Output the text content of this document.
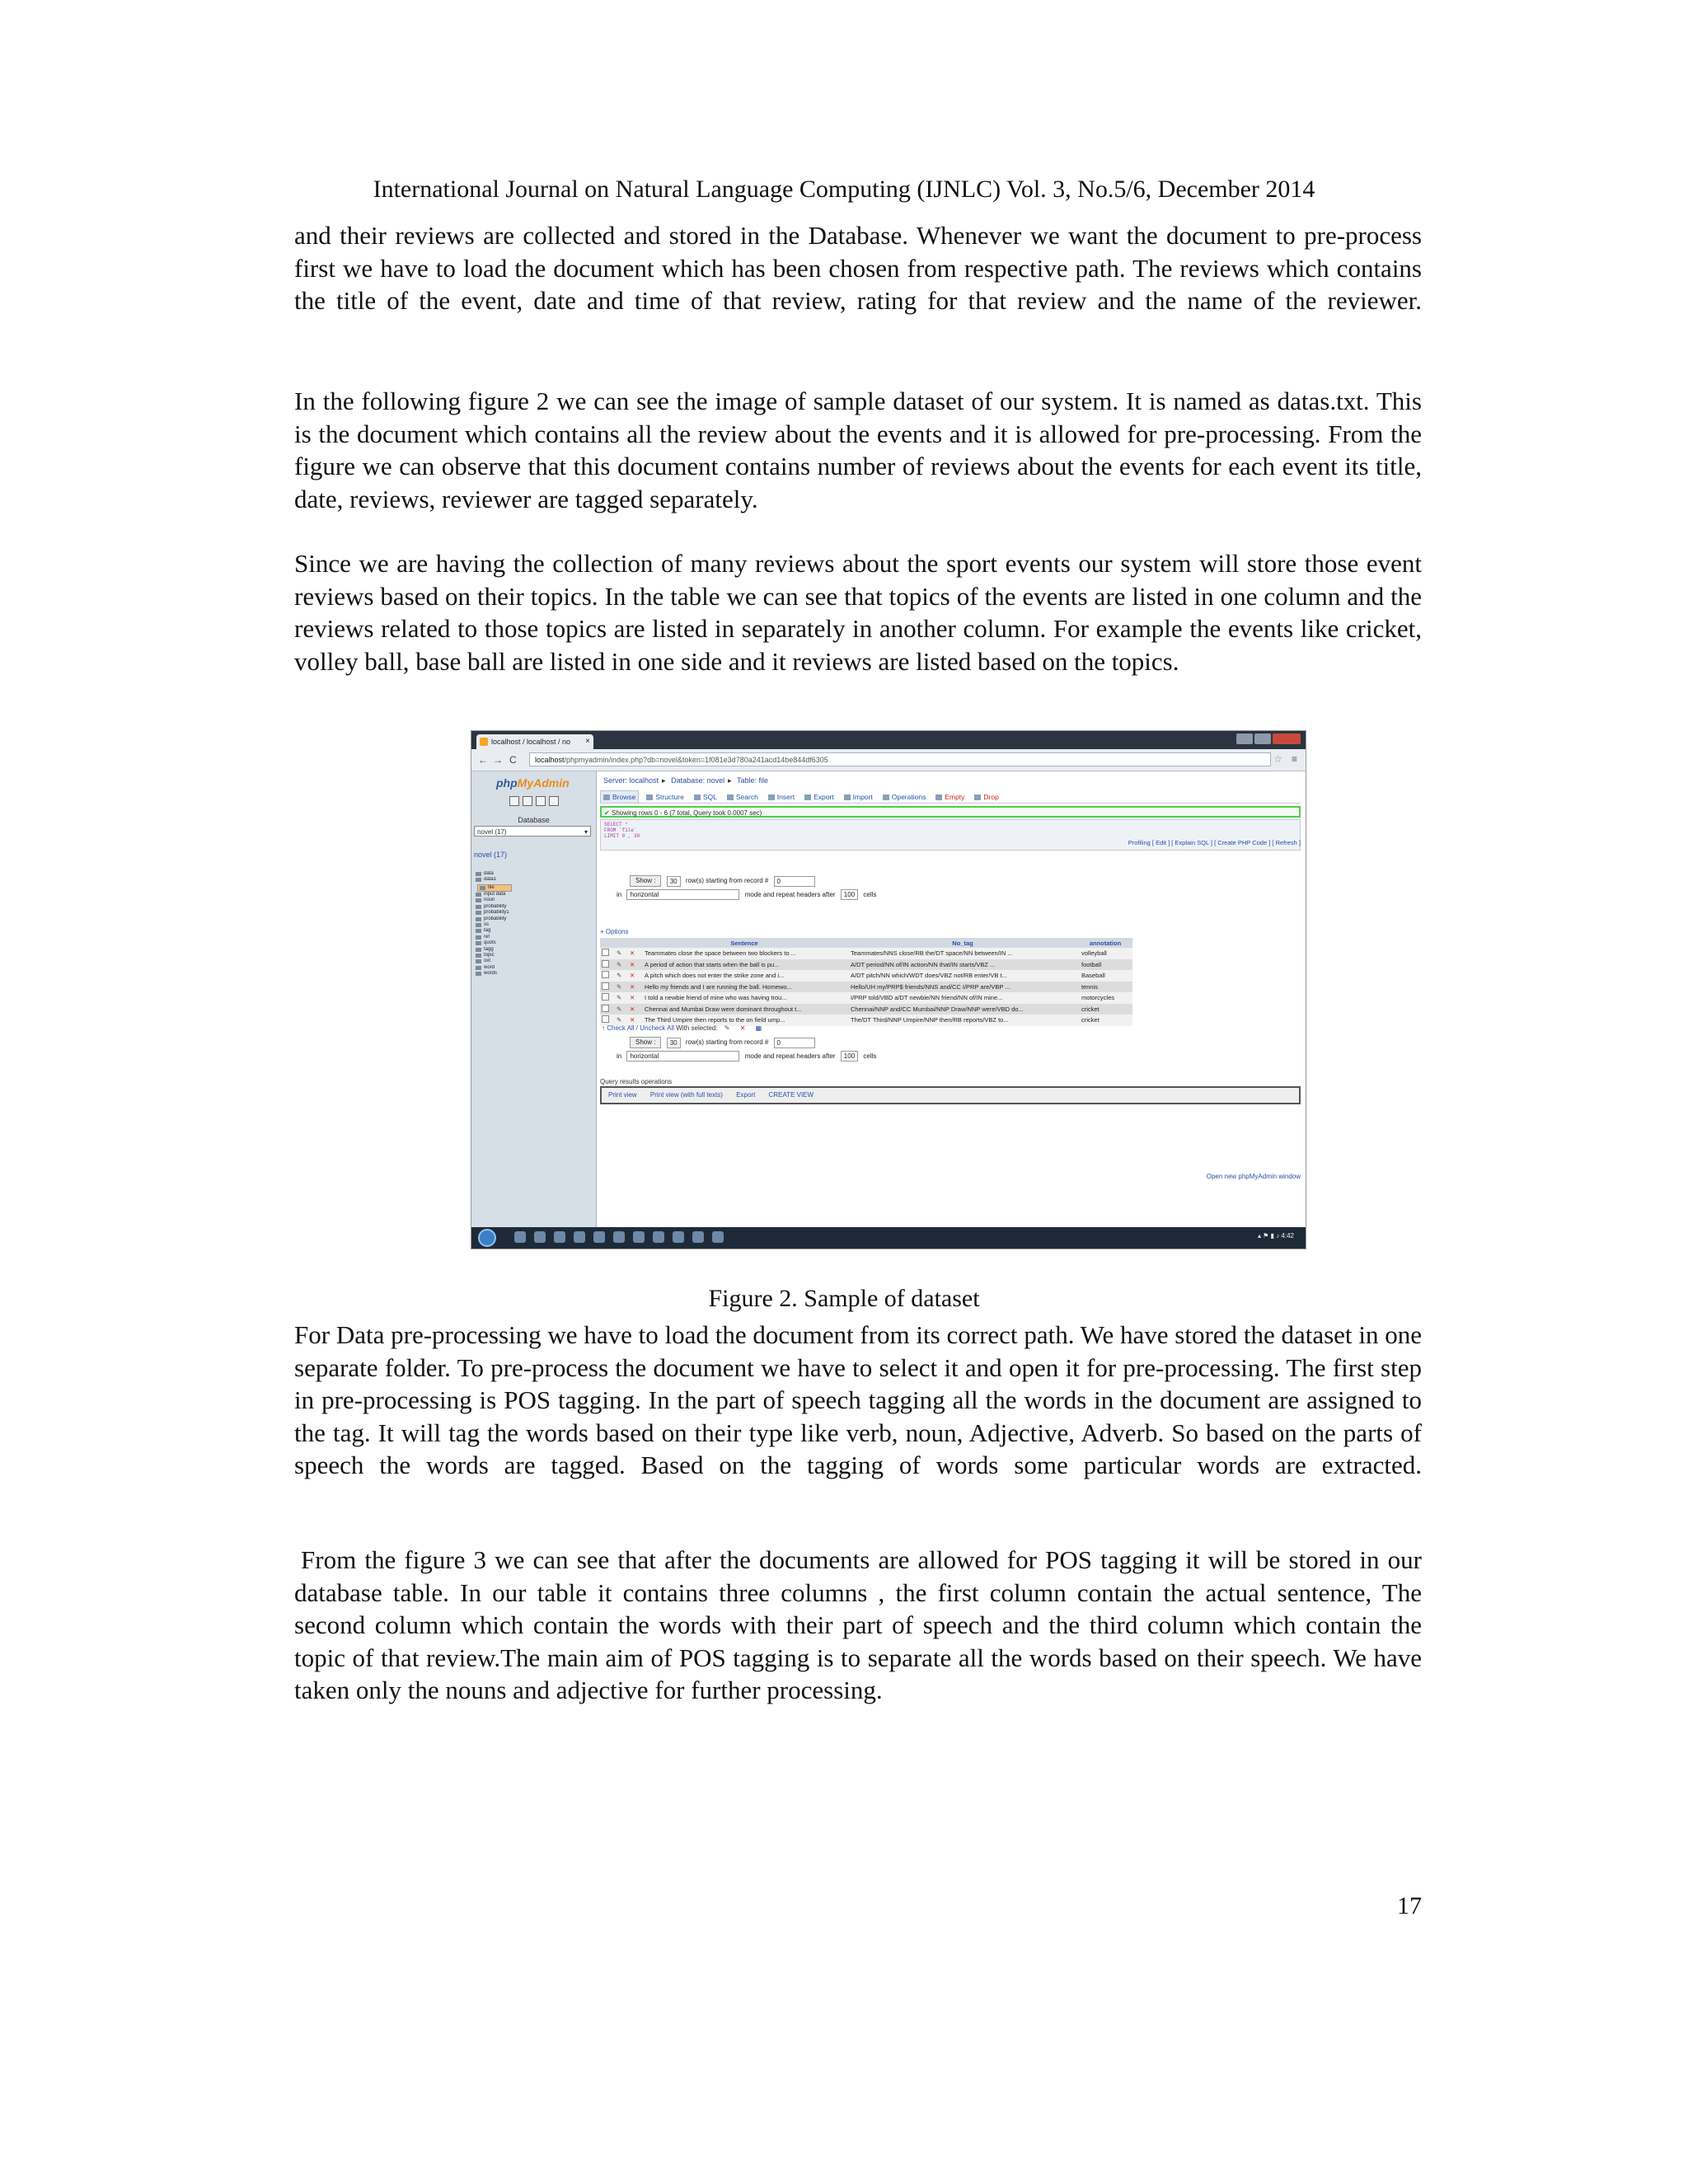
International Journal on Natural Language Computing (IJNLC) Vol. 3, No.5/6, December 2014

and their reviews are collected and stored in the Database. Whenever we want the document to pre-process first we have to load the document which has been chosen from respective path. The reviews which contains the title of the event, date and time of that review, rating for that review and the name of the reviewer.

In the following figure 2 we can see the image of sample dataset of our system. It is named as datas.txt. This is the document which contains all the review about the events and it is allowed for pre-processing. From the figure we can observe that this document contains number of reviews about the events for each event its title, date, reviews, reviewer are tagged separately.

Since we are having the collection of many reviews about the sport events our system will store those event reviews based on their topics. In the table we can see that topics of the events are listed in one column and the reviews related to those topics are listed in separately in another column. For example the events like cricket, volley ball, base ball are listed in one side and it reviews are listed based on the topics.

localhost / localhost / no ×
← → C	localhost/phpmyadmin/index.php?db=novel&token=1f081e3d780a241acd14be844df6305	☆ ≡
phpMyAdmin
Database
novel (17) ▾
novel (17)
data
data1
file
input data
noun
probability
probability1
probability
ss
tag
ref
quots
tagg
topic
oxt
word
words
Server: localhost ▸ Database: novel ▸ Table: file
Browse	Structure	SQL	Search	Insert	Export	Import	Operations	Empty	Drop
✔ Showing rows 0 - 6 (7 total, Query took 0.0007 sec)
SELECT *
FROM `file`
LIMIT 0 , 30
Profiling [ Edit ] [ Explain SQL ] [ Create PHP Code ] [ Refresh ]
Show : 30 row(s) starting from record # 0
in horizontal	mode and repeat headers after 100 cells
+ Options
			Sentence	No_tag	annotation
	✎	✕	Teammates close the space between two blockers to ...	Teammates/NNS close/RB the/DT space/NN between/IN ...	volleyball
	✎	✕	A period of action that starts when the ball is pu...	A/DT period/NN of/IN action/NN that/IN starts/VBZ ...	football
	✎	✕	A pitch which does not enter the strike zone and i...	A/DT pitch/NN which/WDT does/VBZ not/RB enter/VB t...	Baseball
	✎	✕	Hello my friends and I are running the ball. Homewo...	Hello/UH my/PRP$ friends/NNS and/CC I/PRP are/VBP ...	tennis
	✎	✕	I told a newbie friend of mine who was having trou...	I/PRP told/VBD a/DT newbie/NN friend/NN of/IN mine...	motorcycles
	✎	✕	Chennai and Mumbai Draw were dominant throughout t...	Chennai/NNP and/CC Mumbai/NNP Draw/NNP were/VBD do...	cricket
	✎	✕	The Third Umpire then reports to the on field ump...	The/DT Third/NNP Umpire/NNP then/RB reports/VBZ to...	cricket
↑ Check All / Uncheck All With selected: ✎ ✕ ▦
Show : 30 row(s) starting from record # 0
in horizontal	mode and repeat headers after 100 cells
Query results operations
Print view Print view (with full texts) Export CREATE VIEW
Open new phpMyAdmin window
▴ ⚑ ▮ ♪ 4:42
Figure 2. Sample of dataset

For Data pre-processing we have to load the document from its correct path. We have stored the dataset in one separate folder. To pre-process the document we have to select it and open it for pre-processing. The first step in pre-processing is POS tagging. In the part of speech tagging all the words in the document are assigned to the tag. It will tag the words based on their type like verb, noun, Adjective, Adverb. So based on the parts of speech the words are tagged. Based on the tagging of words some particular words are extracted.

From the figure 3 we can see that after the documents are allowed for POS tagging it will be stored in our database table. In our table it contains three columns , the first column contain the actual sentence, The second column which contain the words with their part of speech and the third column which contain the topic of that review.The main aim of POS tagging is to separate all the words based on their speech. We have taken only the nouns and adjective for further processing.

17
